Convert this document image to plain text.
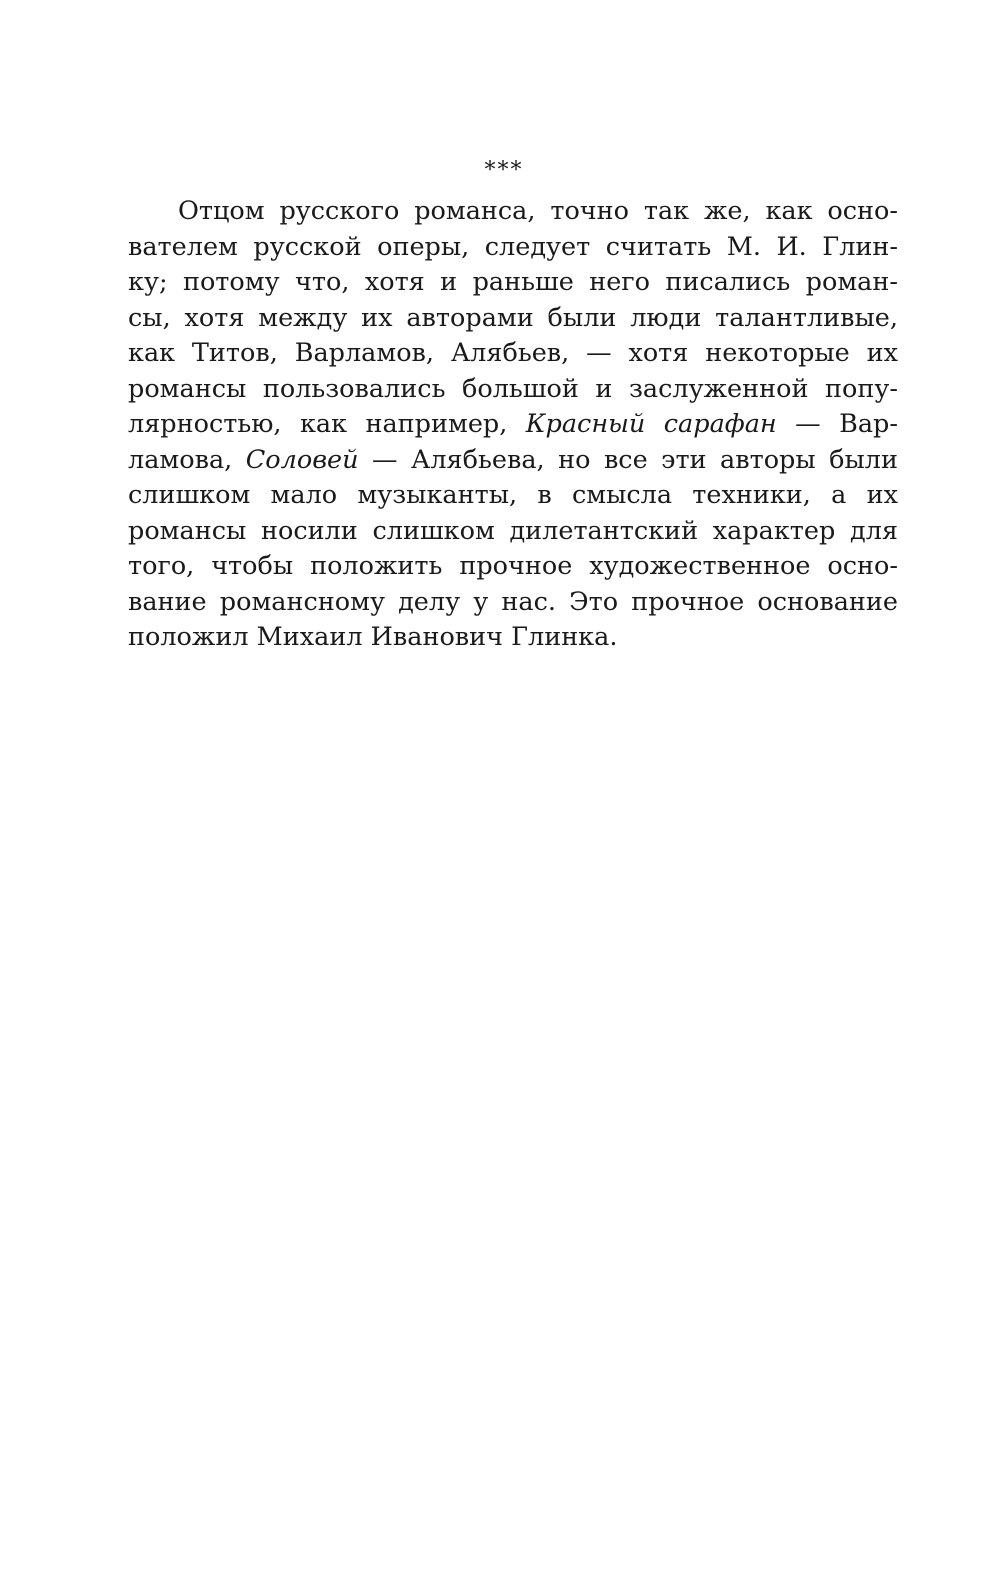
***
Отцом русского романса, точно так же, как осно-
вателем русской оперы, следует считать М. И. Глин-
ку; потому что, хотя и раньше него писались роман-
сы, хотя между их авторами были люди талантливые,
как Титов, Варламов, Алябьев, — хотя некоторые их
романсы пользовались большой и заслуженной попу-
лярностью, как например, Красный сарафан — Вар-
ламова, Соловей — Алябьева, но все эти авторы были
слишком мало музыканты, в смысла техники, а их
романсы носили слишком дилетантский характер для
того, чтобы положить прочное художественное осно-
вание романсному делу у нас. Это прочное основание
положил Михаил Иванович Глинка.
